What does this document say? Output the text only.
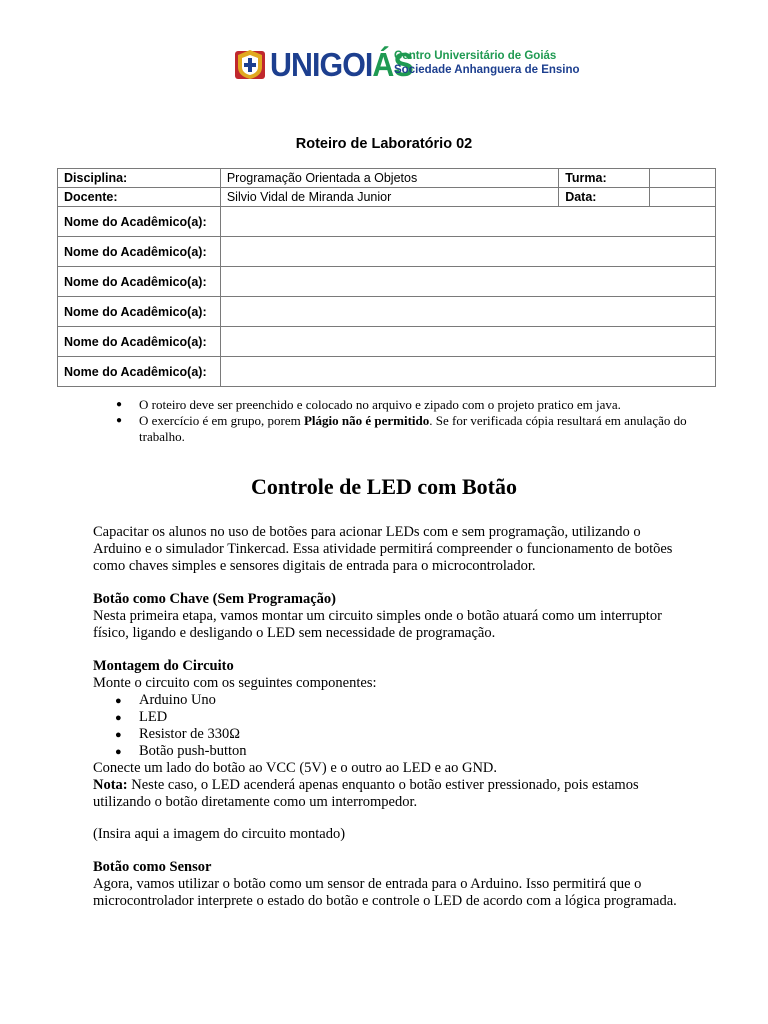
UNIGOIÁS
Centro Universitário de Goiás
Sociedade Anhanguera de Ensino
Roteiro de Laboratório 02
Disciplina:	Programação Orientada a Objetos	Turma:	
Docente:	Silvio Vidal de Miranda Junior	Data:	
Nome do Acadêmico(a):			
Nome do Acadêmico(a):			
Nome do Acadêmico(a):			
Nome do Acadêmico(a):			
Nome do Acadêmico(a):			
Nome do Acadêmico(a):			
● O roteiro deve ser preenchido e colocado no arquivo e zipado com o projeto pratico em java.
● O exercício é em grupo, porem Plágio não é permitido. Se for verificada cópia resultará em anulação do trabalho.
Controle de LED com Botão

Capacitar os alunos no uso de botões para acionar LEDs com e sem programação, utilizando o Arduino e o simulador Tinkercad. Essa atividade permitirá compreender o funcionamento de botões como chaves simples e sensores digitais de entrada para o microcontrolador.

Botão como Chave (Sem Programação)

Nesta primeira etapa, vamos montar um circuito simples onde o botão atuará como um interruptor físico, ligando e desligando o LED sem necessidade de programação.

Montagem do Circuito

Monte o circuito com os seguintes componentes:

● Arduino Uno
● LED
● Resistor de 330Ω
● Botão push-button

Conecte um lado do botão ao VCC (5V) e o outro ao LED e ao GND.

Nota: Neste caso, o LED acenderá apenas enquanto o botão estiver pressionado, pois estamos utilizando o botão diretamente como um interrompedor.

(Insira aqui a imagem do circuito montado)

Botão como Sensor

Agora, vamos utilizar o botão como um sensor de entrada para o Arduino. Isso permitirá que o microcontrolador interprete o estado do botão e controle o LED de acordo com a lógica programada.
